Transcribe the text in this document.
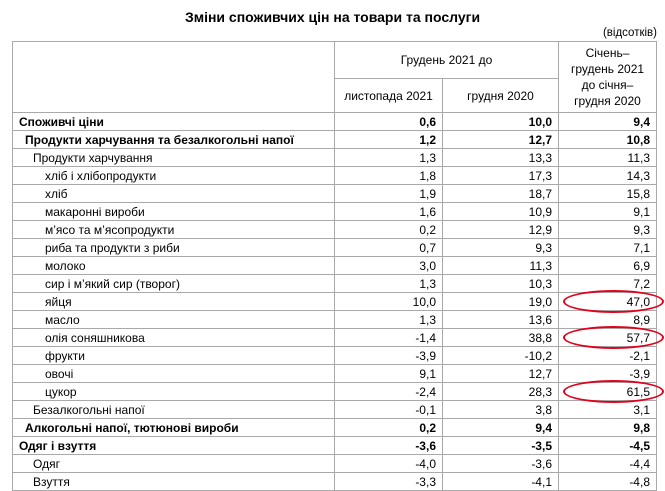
Зміни споживчих цін на товари та послуги
(відсотків)
	Грудень 2021 до		Січень–грудень 2021 до січня–грудня 2020
	листопада 2021	грудня 2020	
Споживчі ціни	0,6	10,0	9,4
Продукти харчування та безалкогольні напої	1,2	12,7	10,8
Продукти харчування	1,3	13,3	11,3
хліб і хлібопродукти	1,8	17,3	14,3
хліб	1,9	18,7	15,8
макаронні вироби	1,6	10,9	9,1
м’ясо та м’ясопродукти	0,2	12,9	9,3
риба та продукти з риби	0,7	9,3	7,1
молоко	3,0	11,3	6,9
сир і м’який сир (творог)	1,3	10,3	7,2
яйця	10,0	19,0	47,0
масло	1,3	13,6	8,9
олія соняшникова	-1,4	38,8	57,7
фрукти	-3,9	-10,2	-2,1
овочі	9,1	12,7	-3,9
цукор	-2,4	28,3	61,5
Безалкогольні напої	-0,1	3,8	3,1
Алкогольні напої, тютюнові вироби	0,2	9,4	9,8
Одяг і взуття	-3,6	-3,5	-4,5
Одяг	-4,0	-3,6	-4,4
Взуття	-3,3	-4,1	-4,8
